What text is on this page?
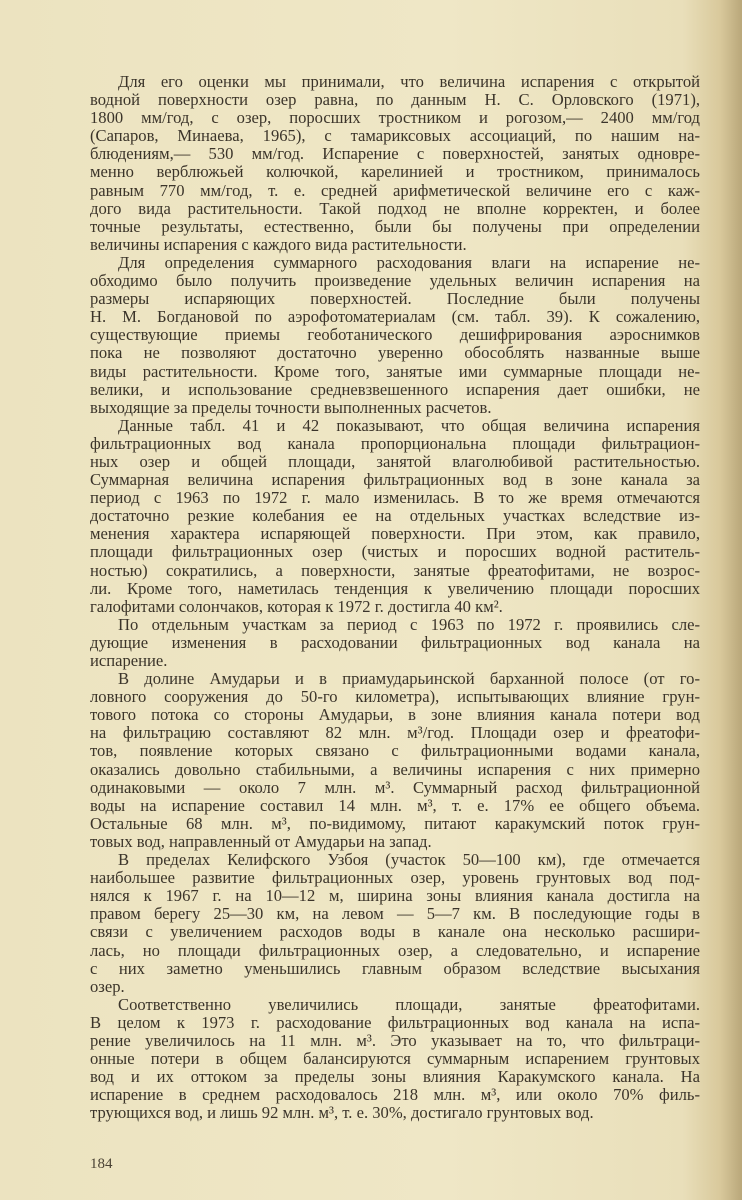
Для его оценки мы принимали, что величина испарения с открытой
водной поверхности озер равна, по данным Н. С. Орловского (1971),
1800 мм/год, с озер, поросших тростником и рогозом,— 2400 мм/год
(Сапаров, Минаева, 1965), с тамариксовых ассоциаций, по нашим на-
блюдениям,— 530 мм/год. Испарение с поверхностей, занятых одновре-
менно верблюжьей колючкой, карелинией и тростником, принималось
равным 770 мм/год, т. е. средней арифметической величине его с каж-
дого вида растительности. Такой подход не вполне корректен, и более
точные результаты, естественно, были бы получены при определении
величины испарения с каждого вида растительности.
Для определения суммарного расходования влаги на испарение не-
обходимо было получить произведение удельных величин испарения на
размеры испаряющих поверхностей. Последние были получены
Н. М. Богдановой по аэрофотоматериалам (см. табл. 39). К сожалению,
существующие приемы геоботанического дешифрирования аэроснимков
пока не позволяют достаточно уверенно обособлять названные выше
виды растительности. Кроме того, занятые ими суммарные площади не-
велики, и использование средневзвешенного испарения дает ошибки, не
выходящие за пределы точности выполненных расчетов.
Данные табл. 41 и 42 показывают, что общая величина испарения
фильтрационных вод канала пропорциональна площади фильтрацион-
ных озер и общей площади, занятой влаголюбивой растительностью.
Суммарная величина испарения фильтрационных вод в зоне канала за
период с 1963 по 1972 г. мало изменилась. В то же время отмечаются
достаточно резкие колебания ее на отдельных участках вследствие из-
менения характера испаряющей поверхности. При этом, как правило,
площади фильтрационных озер (чистых и поросших водной раститель-
ностью) сократились, а поверхности, занятые фреатофитами, не возрос-
ли. Кроме того, наметилась тенденция к увеличению площади поросших
галофитами солончаков, которая к 1972 г. достигла 40 км².
По отдельным участкам за период с 1963 по 1972 г. проявились сле-
дующие изменения в расходовании фильтрационных вод канала на
испарение.
В долине Амударьи и в приамударьинской барханной полосе (от го-
ловного сооружения до 50-го километра), испытывающих влияние грун-
тового потока со стороны Амударьи, в зоне влияния канала потери вод
на фильтрацию составляют 82 млн. м³/год. Площади озер и фреатофи-
тов, появление которых связано с фильтрационными водами канала,
оказались довольно стабильными, а величины испарения с них примерно
одинаковыми — около 7 млн. м³. Суммарный расход фильтрационной
воды на испарение составил 14 млн. м³, т. е. 17% ее общего объема.
Остальные 68 млн. м³, по-видимому, питают каракумский поток грун-
товых вод, направленный от Амударьи на запад.
В пределах Келифского Узбоя (участок 50—100 км), где отмечается
наибольшее развитие фильтрационных озер, уровень грунтовых вод под-
нялся к 1967 г. на 10—12 м, ширина зоны влияния канала достигла на
правом берегу 25—30 км, на левом — 5—7 км. В последующие годы в
связи с увеличением расходов воды в канале она несколько расшири-
лась, но площади фильтрационных озер, а следовательно, и испарение
с них заметно уменьшились главным образом вследствие высыхания
озер.
Соответственно увеличились площади, занятые фреатофитами.
В целом к 1973 г. расходование фильтрационных вод канала на испа-
рение увеличилось на 11 млн. м³. Это указывает на то, что фильтраци-
онные потери в общем балансируются суммарным испарением грунтовых
вод и их оттоком за пределы зоны влияния Каракумского канала. На
испарение в среднем расходовалось 218 млн. м³, или около 70% филь-
трующихся вод, и лишь 92 млн. м³, т. е. 30%, достигало грунтовых вод.
184
